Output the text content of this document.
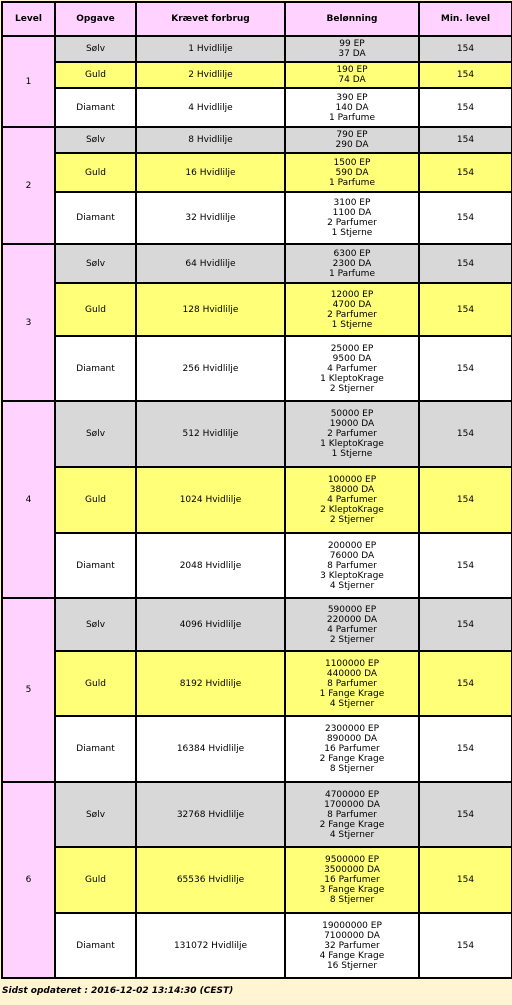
Level	Opgave	Krævet forbrug	Belønning	Min. level
1	Sølv	1 Hvidlilje	99 EP
37 DA	154
	Guld	2 Hvidlilje	190 EP
74 DA	154
	Diamant	4 Hvidlilje	390 EP
140 DA
1 Parfume	154
2	Sølv	8 Hvidlilje	790 EP
290 DA	154
	Guld	16 Hvidlilje	1500 EP
590 DA
1 Parfume	154
	Diamant	32 Hvidlilje	3100 EP
1100 DA
2 Parfumer
1 Stjerne	154
3	Sølv	64 Hvidlilje	6300 EP
2300 DA
1 Parfume	154
	Guld	128 Hvidlilje	12000 EP
4700 DA
2 Parfumer
1 Stjerne	154
	Diamant	256 Hvidlilje	25000 EP
9500 DA
4 Parfumer
1 KleptoKrage
2 Stjerner	154
4	Sølv	512 Hvidlilje	50000 EP
19000 DA
2 Parfumer
1 KleptoKrage
1 Stjerne	154
	Guld	1024 Hvidlilje	100000 EP
38000 DA
4 Parfumer
2 KleptoKrage
2 Stjerner	154
	Diamant	2048 Hvidlilje	200000 EP
76000 DA
8 Parfumer
3 KleptoKrage
4 Stjerner	154
5	Sølv	4096 Hvidlilje	590000 EP
220000 DA
4 Parfumer
2 Stjerner	154
	Guld	8192 Hvidlilje	1100000 EP
440000 DA
8 Parfumer
1 Fange Krage
4 Stjerner	154
	Diamant	16384 Hvidlilje	2300000 EP
890000 DA
16 Parfumer
2 Fange Krage
8 Stjerner	154
6	Sølv	32768 Hvidlilje	4700000 EP
1700000 DA
8 Parfumer
2 Fange Krage
4 Stjerner	154
	Guld	65536 Hvidlilje	9500000 EP
3500000 DA
16 Parfumer
3 Fange Krage
8 Stjerner	154
	Diamant	131072 Hvidlilje	19000000 EP
7100000 DA
32 Parfumer
4 Fange Krage
16 Stjerner	154
Sidst opdateret : 2016-12-02 13:14:30 (CEST)
